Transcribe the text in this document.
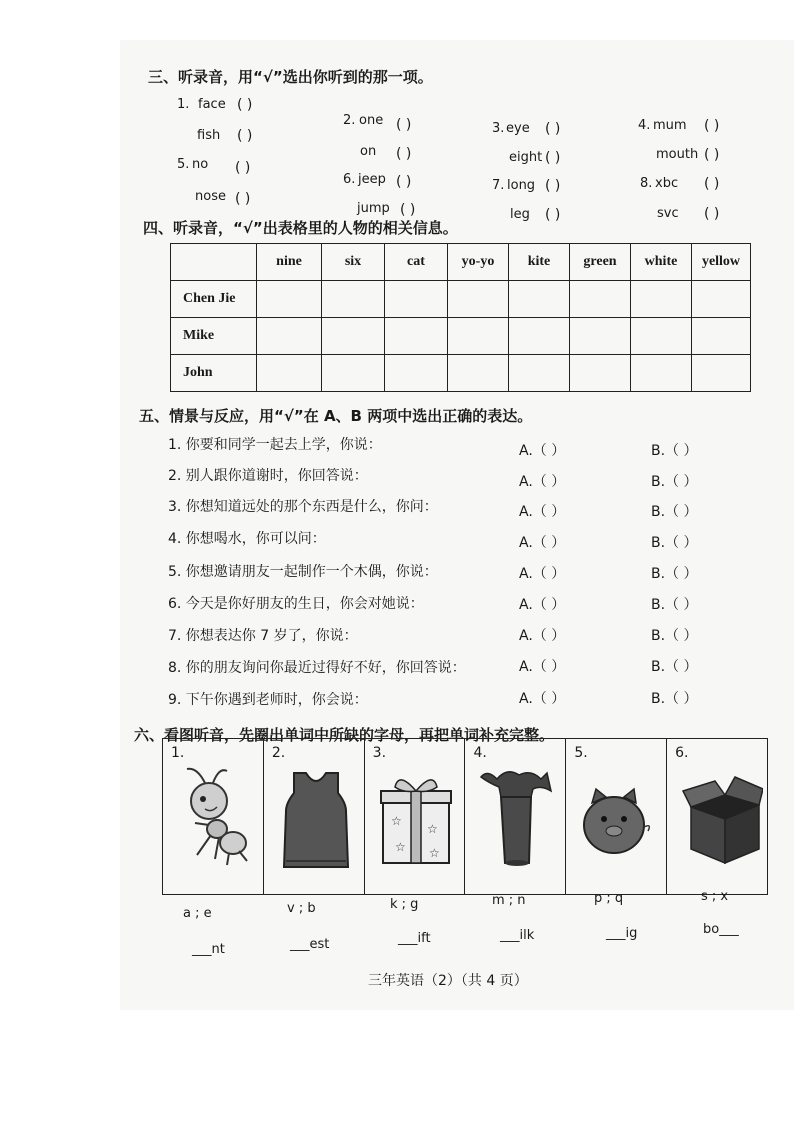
三、听录音，用“√”选出你听到的那一项。
1. face ( )
fish ( )
2. one ( )
on ( )
3. eye ( )
eight ( )
4. mum ( )
mouth ( )
5. no ( )
nose ( )
6. jeep ( )
jump ( )
7. long ( )
leg ( )
8. xbc ( )
svc ( )
四、听录音，“√”出表格里的人物的相关信息。
	nine	six	cat	yo-yo	kite	green	white	yellow
Chen Jie								
Mike								
John								
五、情景与反应，用“√”在 A、B 两项中选出正确的表达。
1. 你要和同学一起去上学，你说：	A.（ ）	B.（ ）
2. 别人跟你道谢时，你回答说：	A.（ ）	B.（ ）
3. 你想知道远处的那个东西是什么，你问：	A.（ ）	B.（ ）
4. 你想喝水，你可以问：	A.（ ）	B.（ ）
5. 你想邀请朋友一起制作一个木偶，你说：	A.（ ）	B.（ ）
6. 今天是你好朋友的生日，你会对她说：	A.（ ）	B.（ ）
7. 你想表达你 7 岁了，你说：	A.（ ）	B.（ ）
8. 你的朋友询问你最近过得好不好，你回答说：	A.（ ）	B.（ ）
9. 下午你遇到老师时，你会说：	A.（ ）	B.（ ）
六、看图听音，先圈出单词中所缺的字母，再把单词补充完整。
1.	2.	3.
☆
☆
☆ ☆
4.	5.	6.
a ; e	v ; b	k ; g	m ; n	p ; q	s ; x
___nt	___est	___ift	___ilk	___ig	bo___
三年英语（2）（共 4 页）
